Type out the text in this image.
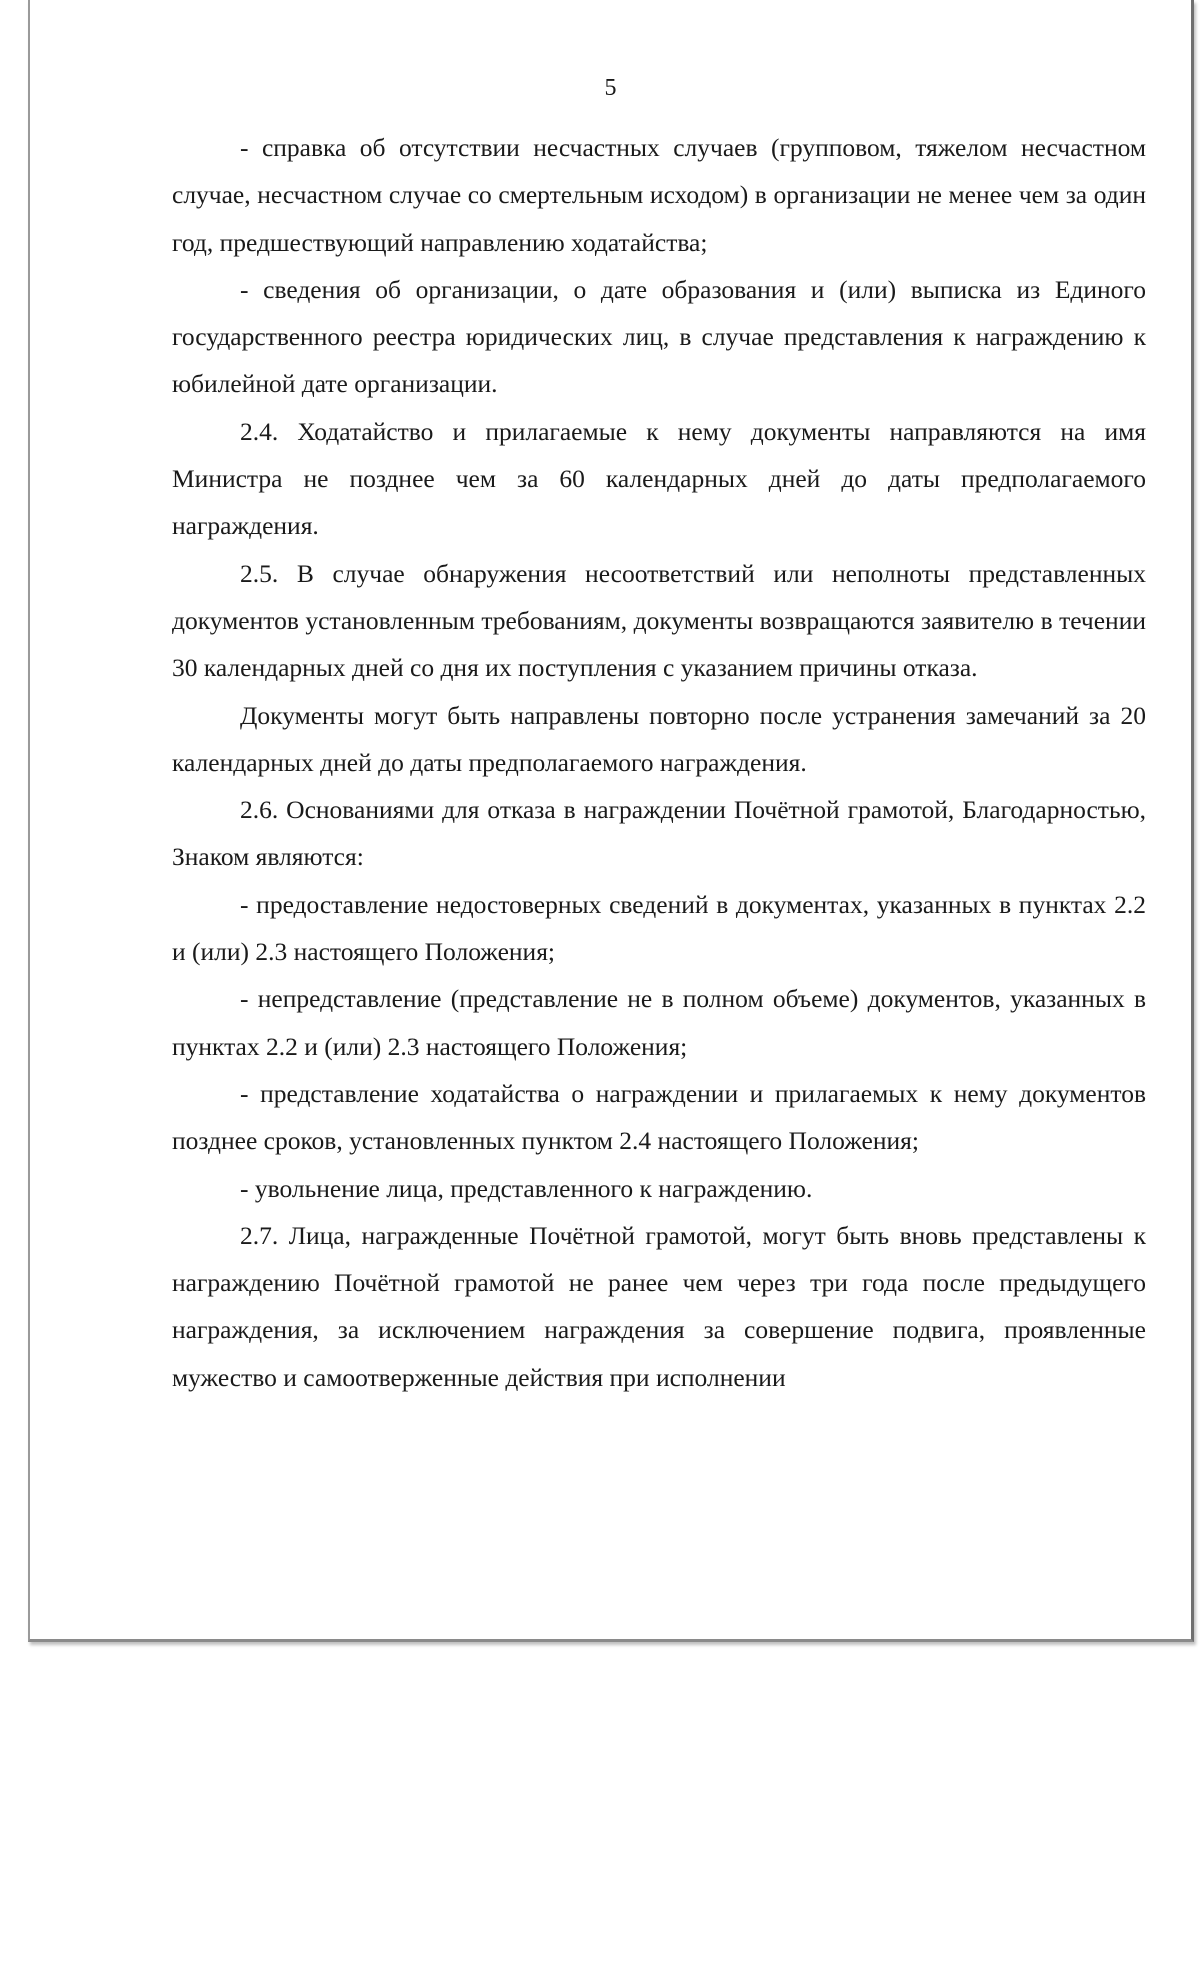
5

- справка об отсутствии несчастных случаев (групповом, тяжелом несчастном случае, несчастном случае со смертельным исходом) в организации не менее чем за один год, предшествующий направлению ходатайства;

- сведения об организации, о дате образования и (или) выписка из Единого государственного реестра юридических лиц, в случае представления к награждению к юбилейной дате организации.

2.4. Ходатайство и прилагаемые к нему документы направляются на имя Министра не позднее чем за 60 календарных дней до даты предполагаемого награждения.

2.5. В случае обнаружения несоответствий или неполноты представленных документов установленным требованиям, документы возвращаются заявителю в течении 30 календарных дней со дня их поступления с указанием причины отказа.

Документы могут быть направлены повторно после устранения замечаний за 20 календарных дней до даты предполагаемого награждения.

2.6. Основаниями для отказа в награждении Почётной грамотой, Благодарностью, Знаком являются:

- предоставление недостоверных сведений в документах, указанных в пунктах 2.2 и (или) 2.3 настоящего Положения;

- непредставление (представление не в полном объеме) документов, указанных в пунктах 2.2 и (или) 2.3 настоящего Положения;

- представление ходатайства о награждении и прилагаемых к нему документов позднее сроков, установленных пунктом 2.4 настоящего Положения;

- увольнение лица, представленного к награждению.

2.7. Лица, награжденные Почётной грамотой, могут быть вновь представлены к награждению Почётной грамотой не ранее чем через три года после предыдущего награждения, за исключением награждения за совершение подвига, проявленные мужество и самоотверженные действия при исполнении
